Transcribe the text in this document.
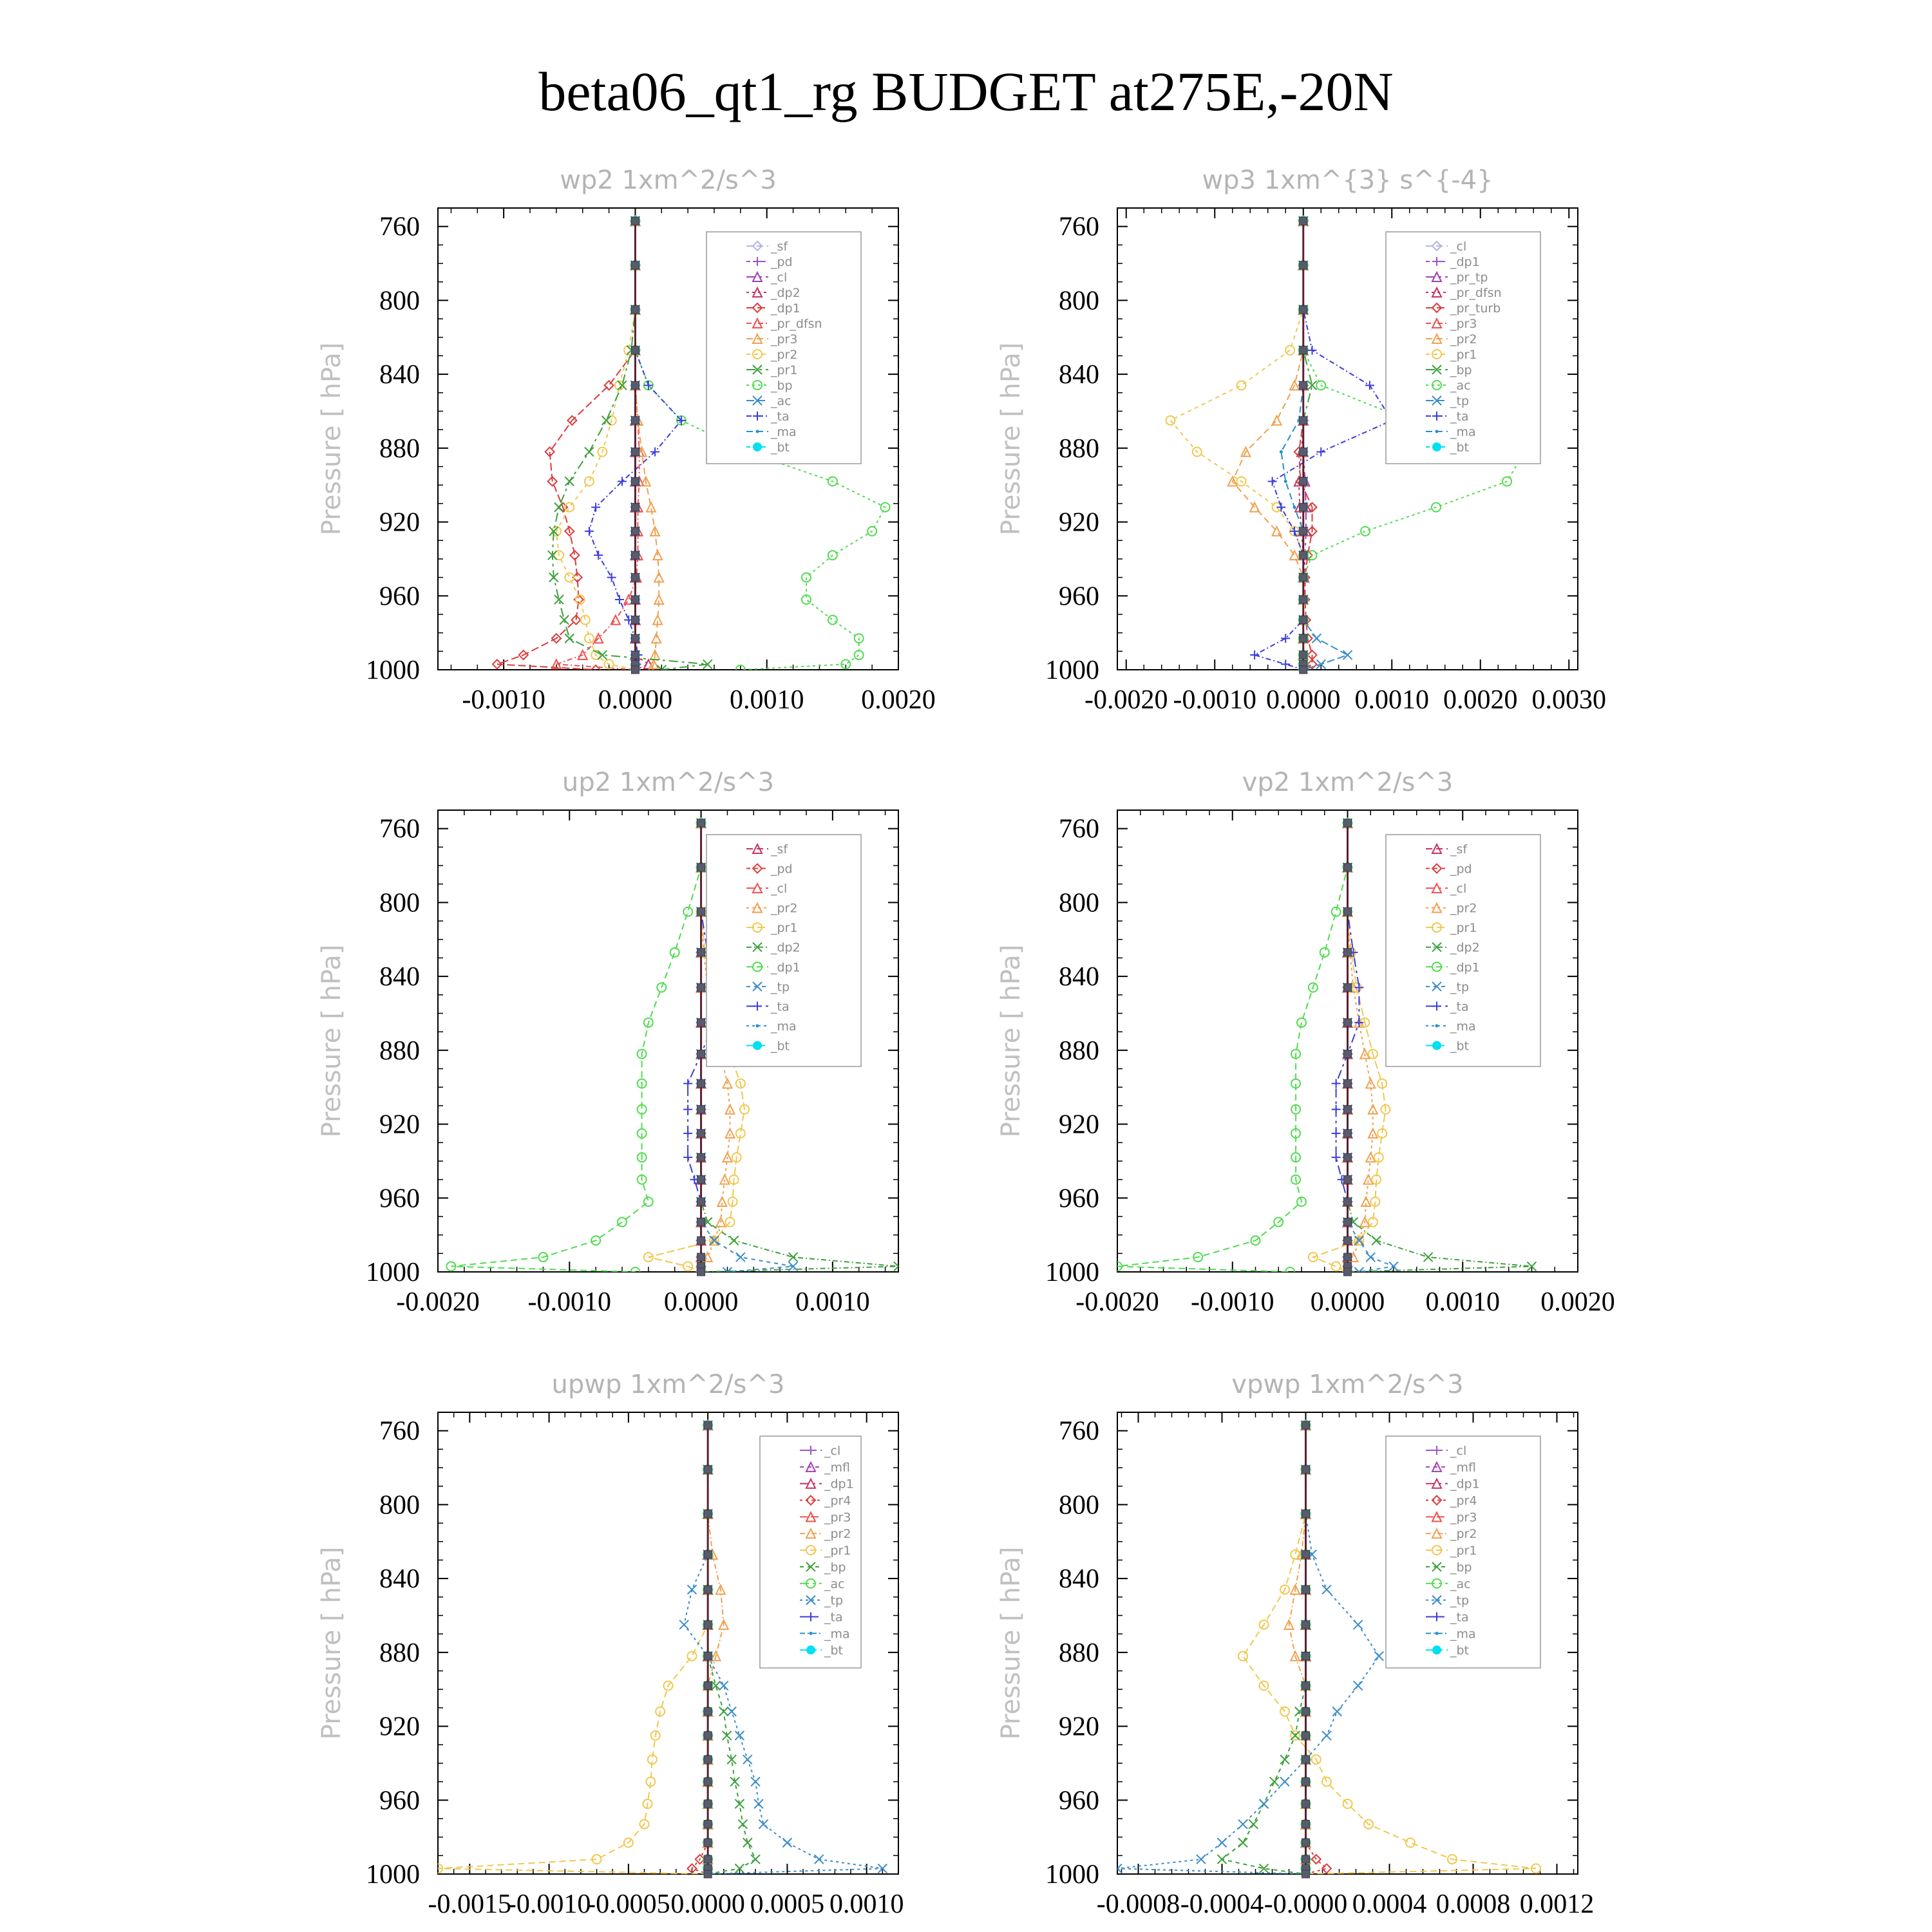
beta06_qt1_rg BUDGET at275E,-20N
wp2 1xm^2/s^3
Pressure [ hPa]
760
800
840
880
920
960
1000
-0.0010 0.0000 0.0010 0.0020
_sf
_pd
_cl
_dp2
_dp1
_pr_dfsn
_pr3
_pr2
_pr1
_bp
_ac
_ta
_ma
_bt
wp3 1xm^{3} s^{-4}
Pressure [ hPa]
760
800
840
880
920
960
1000
-0.0020 -0.0010 0.0000 0.0010 0.0020 0.0030
_cl
_dp1
_pr_tp
_pr_dfsn
_pr_turb
_pr3
_pr2
_pr1
_bp
_ac
_tp
_ta
_ma
_bt
up2 1xm^2/s^3
Pressure [ hPa]
760
800
840
880
920
960
1000
-0.0020 -0.0010 0.0000 0.0010
_sf
_pd
_cl
_pr2
_pr1
_dp2
_dp1
_tp
_ta
_ma
_bt
vp2 1xm^2/s^3
Pressure [ hPa]
760
800
840
880
920
960
1000
-0.0020 -0.0010 0.0000 0.0010 0.0020
_sf
_pd
_cl
_pr2
_pr1
_dp2
_dp1
_tp
_ta
_ma
_bt
upwp 1xm^2/s^3
Pressure [ hPa]
760
800
840
880
920
960
1000
-0.0015
-0.0010
-0.0005 0.0000 0.0005 0.0010
_cl
_mfl
_dp1
_pr4
_pr3
_pr2
_pr1
_bp
_ac
_tp
_ta
_ma
_bt
vpwp 1xm^2/s^3
Pressure [ hPa]
760
800
840
880
920
960
1000
-0.0008 -0.0004 -0.0000 0.0004 0.0008 0.0012
_cl
_mfl
_dp1
_pr4
_pr3
_pr2
_pr1
_bp
_ac
_tp
_ta
_ma
_bt
